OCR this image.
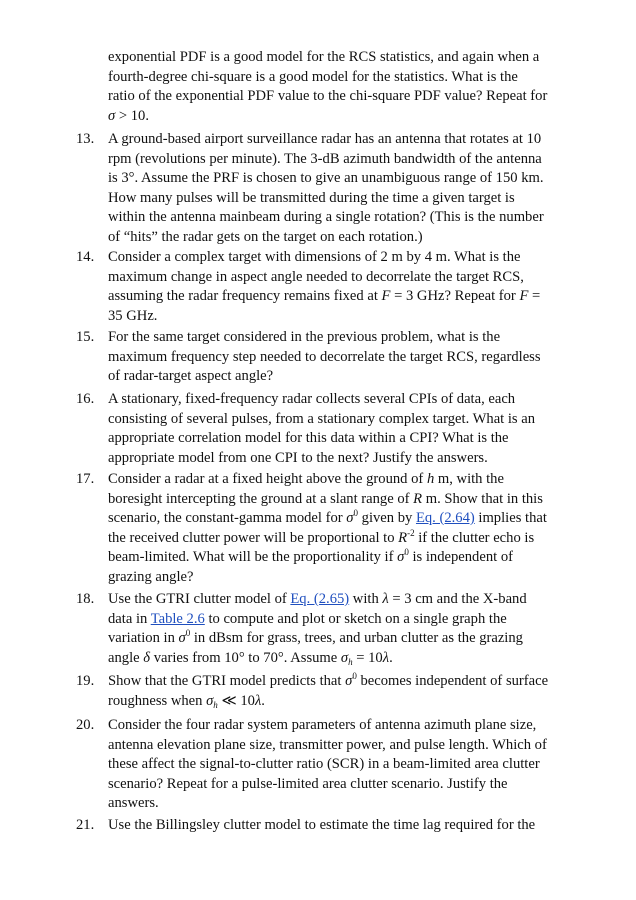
exponential PDF is a good model for the RCS statistics, and again when a
fourth-degree chi-square is a good model for the statistics. What is the
ratio of the exponential PDF value to the chi-square PDF value? Repeat for
σ > 10.
13. A ground-based airport surveillance radar has an antenna that rotates at 10
rpm (revolutions per minute). The 3-dB azimuth bandwidth of the antenna
is 3°. Assume the PRF is chosen to give an unambiguous range of 150 km.
How many pulses will be transmitted during the time a given target is
within the antenna mainbeam during a single rotation? (This is the number
of “hits” the radar gets on the target on each rotation.)
14. Consider a complex target with dimensions of 2 m by 4 m. What is the
maximum change in aspect angle needed to decorrelate the target RCS,
assuming the radar frequency remains fixed at F = 3 GHz? Repeat for F =
35 GHz.
15. For the same target considered in the previous problem, what is the
maximum frequency step needed to decorrelate the target RCS, regardless
of radar-target aspect angle?
16. A stationary, fixed-frequency radar collects several CPIs of data, each
consisting of several pulses, from a stationary complex target. What is an
appropriate correlation model for this data within a CPI? What is the
appropriate model from one CPI to the next? Justify the answers.
17. Consider a radar at a fixed height above the ground of h m, with the
boresight intercepting the ground at a slant range of R m. Show that in this
scenario, the constant-gamma model for $\sigma^0$ given by Eq. (2.64) implies that
the received clutter power will be proportional to $R^{-2}$ if the clutter echo is
beam-limited. What will be the proportionality if $\sigma^0$ is independent of
grazing angle?
18. Use the GTRI clutter model of Eq. (2.65) with λ = 3 cm and the X-band
data in Table 2.6 to compute and plot or sketch on a single graph the
variation in $\sigma^0$ in dBsm for grass, trees, and urban clutter as the grazing
angle δ varies from 10° to 70°. Assume $\sigma_h = 10\lambda$.
19. Show that the GTRI model predicts that $\sigma^0$ becomes independent of surface
roughness when $\sigma_h$ ≪ 10λ.
20. Consider the four radar system parameters of antenna azimuth plane size,
antenna elevation plane size, transmitter power, and pulse length. Which of
these affect the signal-to-clutter ratio (SCR) in a beam-limited area clutter
scenario? Repeat for a pulse-limited area clutter scenario. Justify the
answers.
21. Use the Billingsley clutter model to estimate the time lag required for the
